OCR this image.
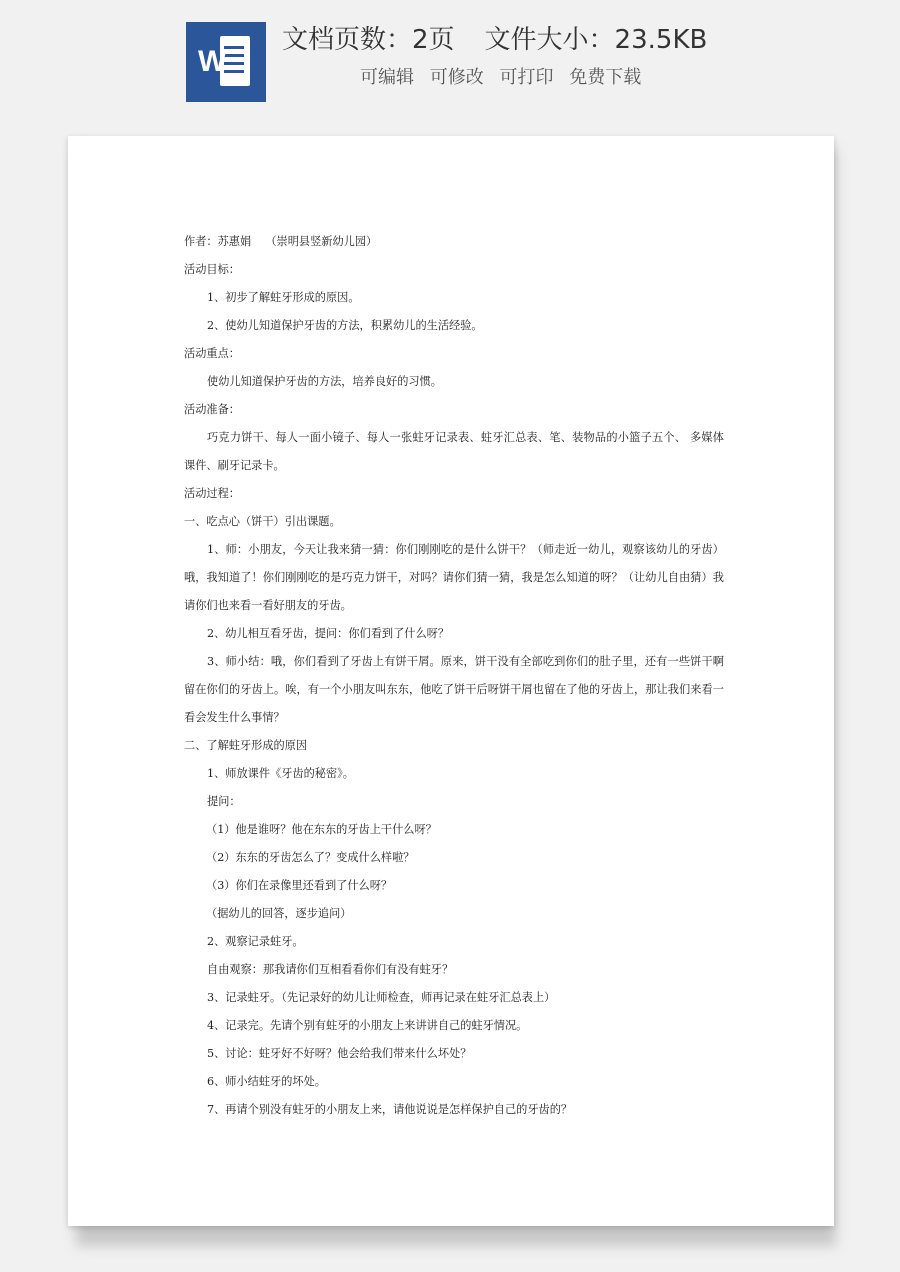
W
文档页数：2页 文件大小：23.5KB
可编辑 可修改 可打印 免费下载

作者：苏惠娟    （崇明县竖新幼儿园）

活动目标：

1、初步了解蛀牙形成的原因。

2、使幼儿知道保护牙齿的方法，积累幼儿的生活经验。

活动重点：

使幼儿知道保护牙齿的方法，培养良好的习惯。

活动准备：

巧克力饼干、每人一面小镜子、每人一张蛀牙记录表、蛀牙汇总表、笔、装物品的小篮子五个、 多媒体课件、刷牙记录卡。

活动过程：

一、吃点心（饼干）引出课题。

1、师：小朋友，今天让我来猜一猜：你们刚刚吃的是什么饼干？（师走近一幼儿，观察该幼儿的牙齿）哦，我知道了！你们刚刚吃的是巧克力饼干，对吗？请你们猜一猜，我是怎么知道的呀？（让幼儿自由猜）我请你们也来看一看好朋友的牙齿。

2、幼儿相互看牙齿，提问：你们看到了什么呀？

3、师小结：哦，你们看到了牙齿上有饼干屑。原来，饼干没有全部吃到你们的肚子里，还有一些饼干啊留在你们的牙齿上。唉，有一个小朋友叫东东，他吃了饼干后呀饼干屑也留在了他的牙齿上，那让我们来看一看会发生什么事情？

二、了解蛀牙形成的原因

1、师放课件《牙齿的秘密》。

提问：

（1）他是谁呀？他在东东的牙齿上干什么呀？

（2）东东的牙齿怎么了？变成什么样啦？

（3）你们在录像里还看到了什么呀？

（据幼儿的回答，逐步追问）

2、观察记录蛀牙。

自由观察：那我请你们互相看看你们有没有蛀牙？

3、记录蛀牙。（先记录好的幼儿让师检查，师再记录在蛀牙汇总表上）

4、记录完。先请个别有蛀牙的小朋友上来讲讲自己的蛀牙情况。

5、讨论：蛀牙好不好呀？他会给我们带来什么坏处？

6、师小结蛀牙的坏处。

7、再请个别没有蛀牙的小朋友上来，请他说说是怎样保护自己的牙齿的？
